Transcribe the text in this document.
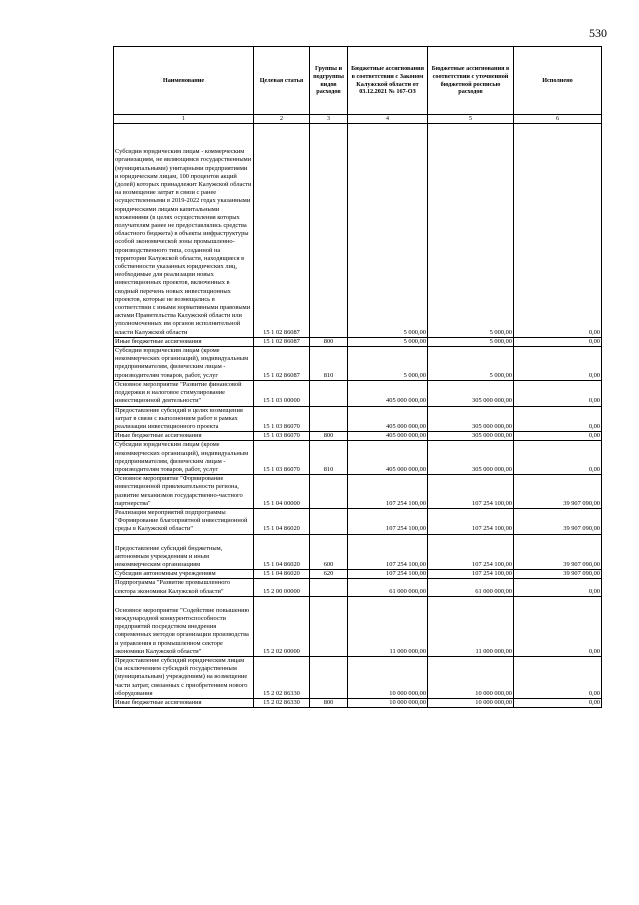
530
Наименование	Целевая статья	Группы и подгруппы видов расходов	Бюджетные ассигнования в соответствии с Законом Калужской области от 03.12.2021 № 167-ОЗ	Бюджетные ассигнования в соответствии с уточненной бюджетной росписью расходов	Исполнено
1	2	3	4	5	6
Субсидии юридическим лицам - коммерческим организациям, не являющимся государственными (муниципальными) унитарными предприятиями и юридическим лицам, 100 процентов акций (долей) которых принадлежит Калужской области на возмещение затрат в связи с ранее осуществленными в 2019-2022 годах указанными юридическими лицами капитальными вложениями (в целях осуществления которых получателям ранее не предоставлялись средства областного бюджета) в объекты инфраструктуры особой экономической зоны промышленно-производственного типа, созданной на территории Калужской области, находящиеся в собственности указанных юридических лиц, необходимые для реализации новых инвестиционных проектов, включенных в сводный перечень новых инвестиционных проектов, которые не возмещались в соответствии с иными нормативными правовыми актами Правительства Калужской области или уполномоченных им органов исполнительной власти Калужской области	15 1 02 86087		5 000,00	5 000,00	0,00
Иные бюджетные ассигнования	15 1 02 86087	800	5 000,00	5 000,00	0,00
Субсидии юридическим лицам (кроме некоммерческих организаций), индивидуальным предпринимателям, физическим лицам - производителям товаров, работ, услуг	15 1 02 86087	810	5 000,00	5 000,00	0,00
Основное мероприятие "Развитие финансовой поддержки и налоговое стимулирование инвестиционной деятельности"	15 1 03 00000		405 000 000,00	305 000 000,00	0,00
Предоставление субсидий в целях возмещения затрат в связи с выполнением работ в рамках реализации инвестиционного проекта	15 1 03 86070		405 000 000,00	305 000 000,00	0,00
Иные бюджетные ассигнования	15 1 03 86070	800	405 000 000,00	305 000 000,00	0,00
Субсидии юридическим лицам (кроме некоммерческих организаций), индивидуальным предпринимателям, физическим лицам - производителям товаров, работ, услуг	15 1 03 86070	810	405 000 000,00	305 000 000,00	0,00
Основное мероприятие "Формирование инвестиционной привлекательности региона, развитие механизмов государственно-частного партнерства"	15 1 04 00000		107 254 100,00	107 254 100,00	39 907 090,00
Реализация мероприятий подпрограммы "Формирование благоприятной инвестиционной среды в Калужской области"	15 1 04 86020		107 254 100,00	107 254 100,00	39 907 090,00
Предоставление субсидий бюджетным, автономным учреждениям и иным некоммерческим организациям	15 1 04 86020	600	107 254 100,00	107 254 100,00	39 907 090,00
Субсидии автономным учреждениям	15 1 04 86020	620	107 254 100,00	107 254 100,00	39 907 090,00
Подпрограмма "Развитие промышленного сектора экономики Калужской области"	15 2 00 00000		61 000 000,00	61 000 000,00	0,00
Основное мероприятие "Содействие повышению международной конкурентоспособности предприятий посредством внедрения современных методов организации производства и управления в промышленном секторе экономики Калужской области"	15 2 02 00000		11 000 000,00	11 000 000,00	0,00
Предоставление субсидий юридическим лицам (за исключением субсидий государственным (муниципальным) учреждениям) на возмещение части затрат, связанных с приобретением нового оборудования	15 2 02 86330		10 000 000,00	10 000 000,00	0,00
Иные бюджетные ассигнования	15 2 02 86330	800	10 000 000,00	10 000 000,00	0,00
